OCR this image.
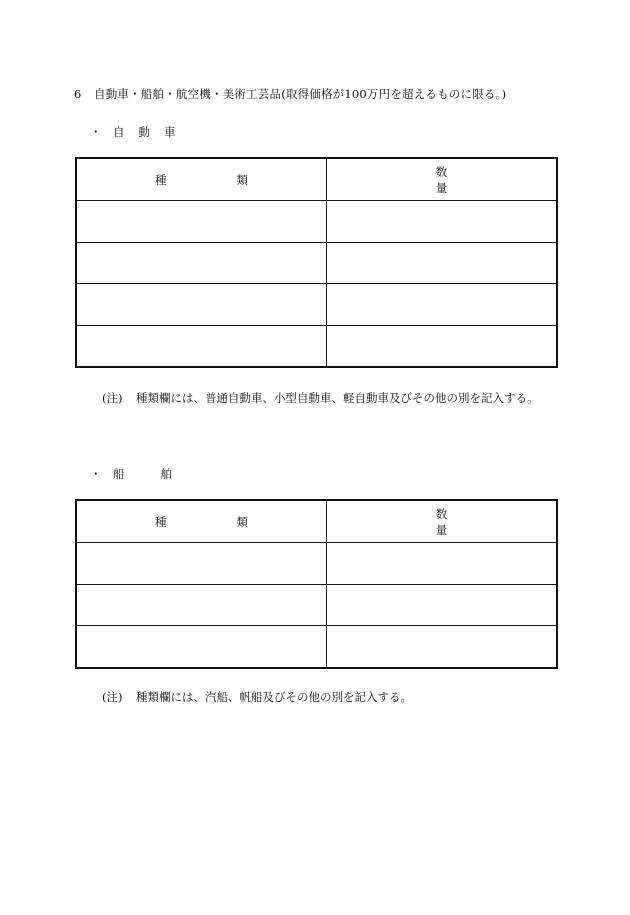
6 自動車・船舶・航空機・美術工芸品(取得価格が100万円を超えるものに限る。)
・ 自動車
種類	数量

(注) 種類欄には、普通自動車、小型自動車、軽自動車及びその他の別を記入する。
・ 船舶
種類	数量

(注) 種類欄には、汽船、帆船及びその他の別を記入する。
